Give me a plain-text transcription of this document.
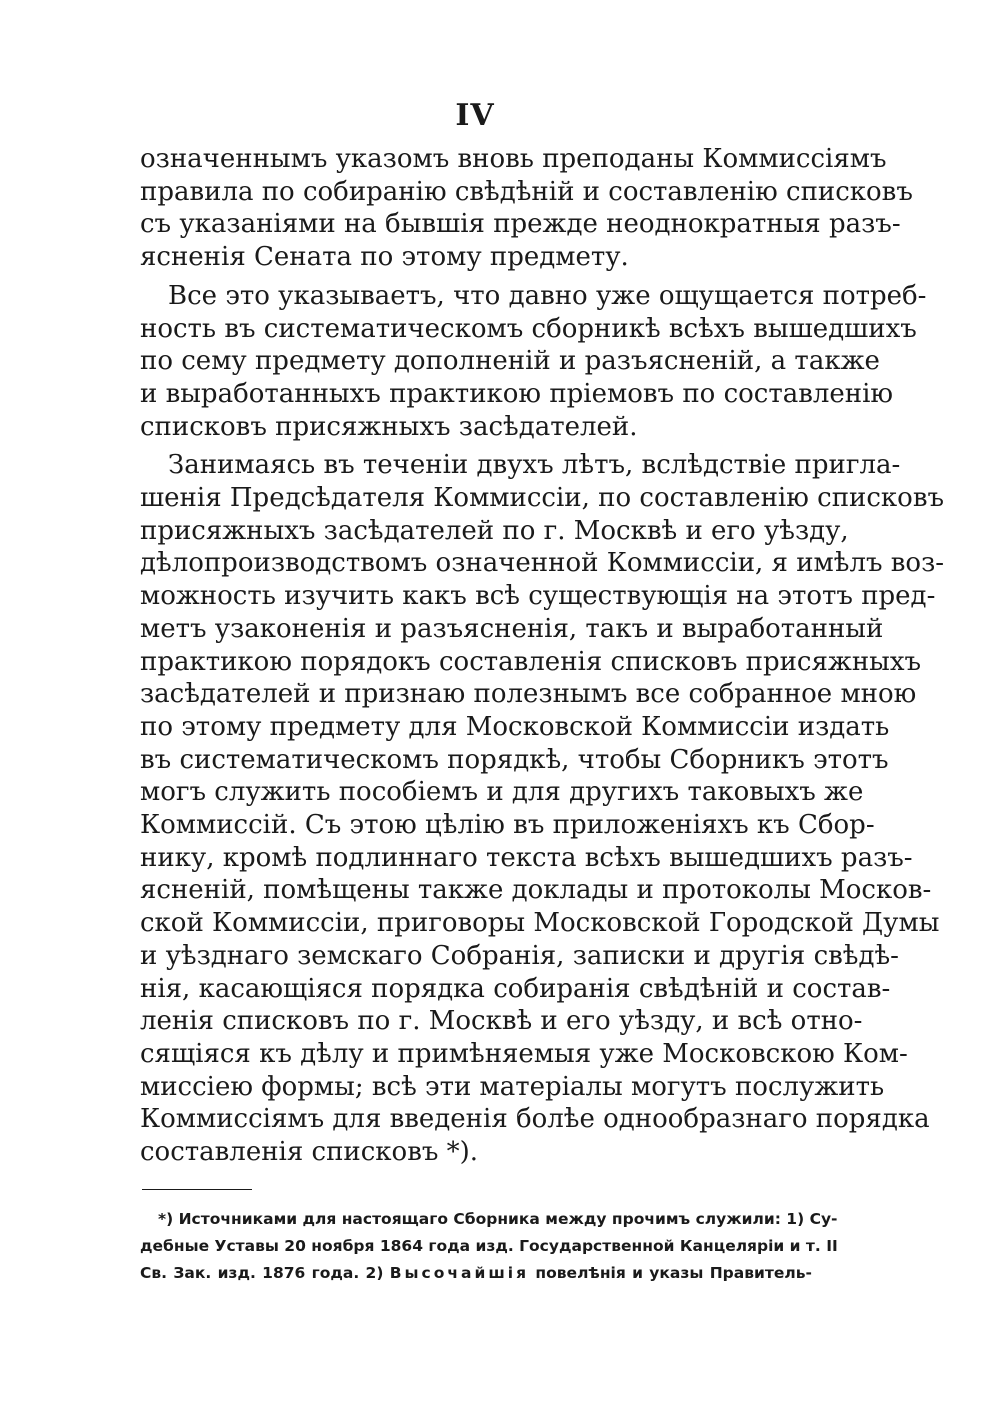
IV
означеннымъ указомъ вновь преподаны Коммиссіямъ
правила по собиранію свѣдѣній и составленію списковъ
съ указаніями на бывшія прежде неоднократныя разъ-
ясненія Сената по этому предмету.
Все это указываетъ, что давно уже ощущается потреб-
ность въ систематическомъ сборникѣ всѣхъ вышедшихъ
по сему предмету дополненій и разъясненій, а также
и выработанныхъ практикою пріемовъ по составленію
списковъ присяжныхъ засѣдателей.
Занимаясь въ теченіи двухъ лѣтъ, вслѣдствіе пригла-
шенія Предсѣдателя Коммиссіи, по составленію списковъ
присяжныхъ засѣдателей по г. Москвѣ и его уѣзду,
дѣлопроизводствомъ означенной Коммиссіи, я имѣлъ воз-
можность изучить какъ всѣ существующія на этотъ пред-
метъ узаконенія и разъясненія, такъ и выработанный
практикою порядокъ составленія списковъ присяжныхъ
засѣдателей и признаю полезнымъ все собранное мною
по этому предмету для Московской Коммиссіи издать
въ систематическомъ порядкѣ, чтобы Сборникъ этотъ
могъ служить пособіемъ и для другихъ таковыхъ же
Коммиссій. Съ этою цѣлію въ приложеніяхъ къ Сбор-
нику, кромѣ подлиннаго текста всѣхъ вышедшихъ разъ-
ясненій, помѣщены также доклады и протоколы Москов-
ской Коммиссіи, приговоры Московской Городской Думы
и уѣзднаго земскаго Собранія, записки и другія свѣдѣ-
нія, касающіяся порядка собиранія свѣдѣній и состав-
ленія списковъ по г. Москвѣ и его уѣзду, и всѣ отно-
сящіяся къ дѣлу и примѣняемыя уже Московскою Ком-
миссіею формы; всѣ эти матеріалы могутъ послужить
Коммиссіямъ для введенія болѣе однообразнаго порядка
составленія списковъ *).
*) Источниками для настоящаго Сборника между прочимъ служили: 1) Су-
дебные Уставы 20 ноября 1864 года изд. Государственной Канцеляріи и т. II
Св. Зак. изд. 1876 года. 2) Высочайшія повелѣнія и указы Правитель-
